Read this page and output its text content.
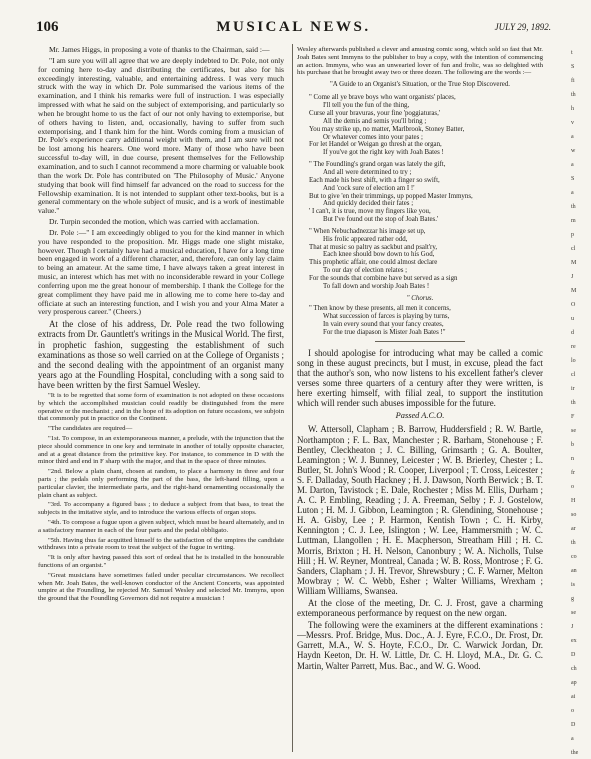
106	MUSICAL NEWS.	JULY 29, 1892.

Mr. James Higgs, in proposing a vote of thanks to the Chairman, said :—

"I am sure you will all agree that we are deeply indebted to Dr. Pole, not only for coming here to-day and distributing the certificates, but also for his exceedingly interesting, valuable, and entertaining address. I was very much struck with the way in which Dr. Pole summarised the various items of the examination, and I think his remarks were full of instruction. I was especially impressed with what he said on the subject of extemporising, and particularly so when he brought home to us the fact of our not only having to extemporise, but of others having to listen, and, occasionally, having to suffer from such extemporising, and I thank him for the hint. Words coming from a musician of Dr. Pole's experience carry additional weight with them, and I am sure will not be lost among his hearers. One word more. Many of those who have been successful to-day will, in due course, present themselves for the Fellowship examination, and to such I cannot recommend a more charming or valuable book than the work Dr. Pole has contributed on 'The Philosophy of Music.' Anyone studying that book will find himself far advanced on the road to success for the Fellowship examination. It is not intended to supplant other text-books, but is a general commentary on the whole subject of music, and is a work of inestimable value."

Dr. Turpin seconded the motion, which was carried with acclamation.

Dr. Pole :—" I am exceedingly obliged to you for the kind manner in which you have responded to the proposition. Mr. Higgs made one slight mistake, however. Though I certainly have had a musical education, I have for a long time been engaged in work of a different character, and, therefore, can only lay claim to being an amateur. At the same time, I have always taken a great interest in music, an interest which has met with no inconsiderable reward in your College conferring upon me the great honour of membership. I thank the College for the great compliment they have paid me in allowing me to come here to-day and officiate at such an interesting function, and I wish you and your Alma Mater a very prosperous career." (Cheers.)

At the close of his address, Dr. Pole read the two following extracts from Dr. Gauntlett's writings in the Musical World. The first, in prophetic fashion, suggesting the establishment of such examinations as those so well carried on at the College of Organists ; and the second dealing with the appointment of an organist many years ago at the Foundling Hospital, concluding with a song said to have been written by the first Samuel Wesley.

"It is to be regretted that some form of examination is not adopted on these occasions by which the accomplished musician could readily be distinguished from the mere operative or the mechanist ; and in the hope of its adoption on future occasions, we subjoin that commonly put in practice on the Continent.

"The candidates are required—

"1st. To compose, in an extemporaneous manner, a prelude, with the injunction that the piece should commence in one key and terminate in another of totally opposite character, and at a great distance from the primitive key. For instance, to commence in D with the minor third and end in F sharp with the major, and that in the space of three minutes.

"2nd. Below a plain chant, chosen at random, to place a harmony in three and four parts ; the pedals only performing the part of the bass, the left-hand filling, upon a particular clavier, the intermediate parts, and the right-hand ornamenting occasionally the plain chant as subject.

"3rd. To accompany a figured bass ; to deduce a subject from that bass, to treat the subjects in the imitative style, and to introduce the various effects of organ stops.

"4th. To compose a fugue upon a given subject, which must be heard alternately, and in a satisfactory manner in each of the four parts and the pedal obbligato.

"5th. Having thus far acquitted himself to the satisfaction of the umpires the candidate withdraws into a private room to treat the subject of the fugue in writing.

"It is only after having passed this sort of ordeal that he is installed in the honourable functions of an organist."

"Great musicians have sometimes failed under peculiar circumstances. We recollect when Mr. Joah Bates, the well-known conductor of the Ancient Concerts, was appointed umpire at the Foundling, he rejected Mr. Samuel Wesley and selected Mr. Immyns, upon the ground that the Foundling Governors did not require a musician !

Wesley afterwards published a clever and amusing comic song, which sold so fast that Mr. Joah Bates sent Immyns to the publisher to buy a copy, with the intention of commencing an action. Immyns, who was an unwearied lover of fun and frolic, was so delighted with his purchase that he brought away two or three dozen. The following are the words :—

"A Guide to an Organist's Situation, or the True Stop Discovered.
" Come all ye brave boys who want organists' places,
I'll tell you the fun of the thing,
Curse all your bravuras, your fine 'poggiaturas,'
All the demis and semis you'll bring ;
You may strike up, no matter, Marlbrook, Stoney Batter,
Or whatever comes into your pates ;
For let Handel or Weigan go thresh at the organ,
If you've got the right key with Joah Bates !
" The Foundling's grand organ was lately the gift,
And all were determined to try ;
Each made his best shift, with a finger so swift,
And 'cock sure of election am I !'
But to give 'en their trimmings, up popped Master Immyns,
And quickly decided their fates ;
' I can't, it is true, move my fingers like you,
But I've found out the stop of Joah Bates.'
" When Nebuchadnezzar his image set up,
His frolic appeared rather odd,
That at music so paltry as sackbut and psalt'ry,
Each knee should bow down to his God,
This prophetic affair, one could almost declare
To our day of election relates ;
For the sounds that combine have but served as a sign
To fall down and worship Joah Bates !
" Chorus.
" Then know by these presents, all men it concerns,
What succession of farces is playing by turns,
In vain every sound that your fancy creates,
For the true diapason is Mister Joah Bates !"

I should apologise for introducing what may be called a comic song in these august precincts, but I must, in excuse, plead the fact that the author's son, who now listens to his excellent father's clever verses some three quarters of a century after they were written, is here exerting himself, with filial zeal, to support the institution which will render such abuses impossible for the future.

Passed A.C.O.

W. Attersoll, Clapham ; B. Barrow, Huddersfield ; R. W. Bartle, Northampton ; F. L. Bax, Manchester ; R. Barham, Stonehouse ; F. Bentley, Cleckheaton ; J. C. Billing, Grimsarth ; G. A. Boulter, Leamington ; W. J. Bunney, Leicester ; W. B. Brierley, Chester ; L. Butler, St. John's Wood ; R. Cooper, Liverpool ; T. Cross, Leicester ; S. F. Dalladay, South Hackney ; H. J. Dawson, North Berwick ; B. T. M. Darton, Tavistock ; E. Dale, Rochester ; Miss M. Ellis, Durham ; A. C. P. Embling, Reading ; J. A. Freeman, Selby ; F. J. Gostelow, Luton ; H. M. J. Gibbon, Leamington ; R. Glendining, Stonehouse ; H. A. Gisby, Lee ; P. Harmon, Kentish Town ; C. H. Kirby, Kennington ; C. J. Lee, Islington ; W. Lee, Hammersmith ; W. C. Luttman, Llangollen ; H. E. Macpherson, Streatham Hill ; H. C. Morris, Brixton ; H. H. Nelson, Canonbury ; W. A. Nicholls, Tulse Hill ; H. W. Reyner, Montreal, Canada ; W. B. Ross, Montrose ; F. G. Sanders, Clapham ; J. H. Trevor, Shrewsbury ; C. F. Warner, Melton Mowbray ; W. C. Webb, Esher ; Walter Williams, Wrexham ; William Williams, Swansea.

At the close of the meeting, Dr. C. J. Frost, gave a charming extemporaneous performance by request on the new organ.

The following were the examiners at the different examinations :—Messrs. Prof. Bridge, Mus. Doc., A. J. Eyre, F.C.O., Dr. Frost, Dr. Garrett, M.A., W. S. Hoyte, F.C.O., Dr. C. Warwick Jordan, Dr. Haydn Keeton, Dr. H. W. Little, Dr. C. H. Lloyd, M.A., Dr. G. C. Martin, Walter Parrett, Mus. Bac., and W. G. Wood.

t
S
fi
th
h
v
a
w
a
S
a
th
m
p
cl
M
J
M
O
u
d
re
lo
cl
ir
th
F
se
b
n
fr
o
H
so
ar
th
co
an
is
g
se
J
ex
D
ch
ap
ai
o
D
a
the
